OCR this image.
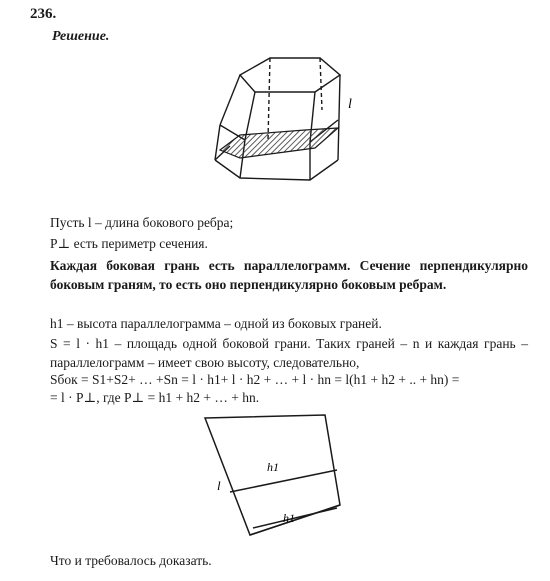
236.
Решение.
l
Пусть l – длина бокового ребра;
P⊥ есть периметр сечения.
Каждая боковая грань есть параллелограмм. Сечение перпендикулярно боковым граням, то есть оно перпендикулярно боковым ребрам.
h1 – высота параллелограмма – одной из боковых граней.
S = l · h1 – площадь одной боковой грани. Таких граней – n и каждая грань – параллелограмм – имеет свою высоту, следовательно,
Sбок = S1+S2+ … +Sn = l · h1+ l · h2 + … + l · hn = l(h1 + h2 + .. + hn) =
= l · P⊥, где P⊥ = h1 + h2 + … + hn.
l
h1
h1
Что и требовалось доказать.
